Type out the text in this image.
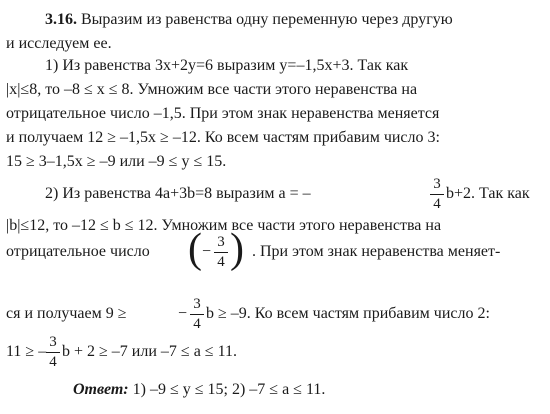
3.16. Выразим из равенства одну переменную через другую
и исследуем ее.
1) Из равенства 3x+2y=6 выразим y=–1,5x+3. Так как
|x|≤8, то –8 ≤ x ≤ 8. Умножим все части этого неравенства на
отрицательное число –1,5. При этом знак неравенства меняется
и получаем 12 ≥ –1,5x ≥ –12. Ко всем частям прибавим число 3:
15 ≥ 3–1,5x ≥ –9 или –9 ≤ y ≤ 15.
2) Из равенства 4a+3b=8 выразим a = –
3
4
b+2. Так как
|b|≤12, то –12 ≤ b ≤ 12. Умножим все части этого неравенства на
отрицательное число ( −
3
4 ) . При этом знак неравенства меняет-
ся и получаем 9 ≥	−
3
4
b ≥ –9. Ко всем частям прибавим число 2:
11 ≥ –
3
4
b + 2 ≥ –7 или –7 ≤ a ≤ 11.
Ответ: 1) –9 ≤ y ≤ 15; 2) –7 ≤ a ≤ 11.
